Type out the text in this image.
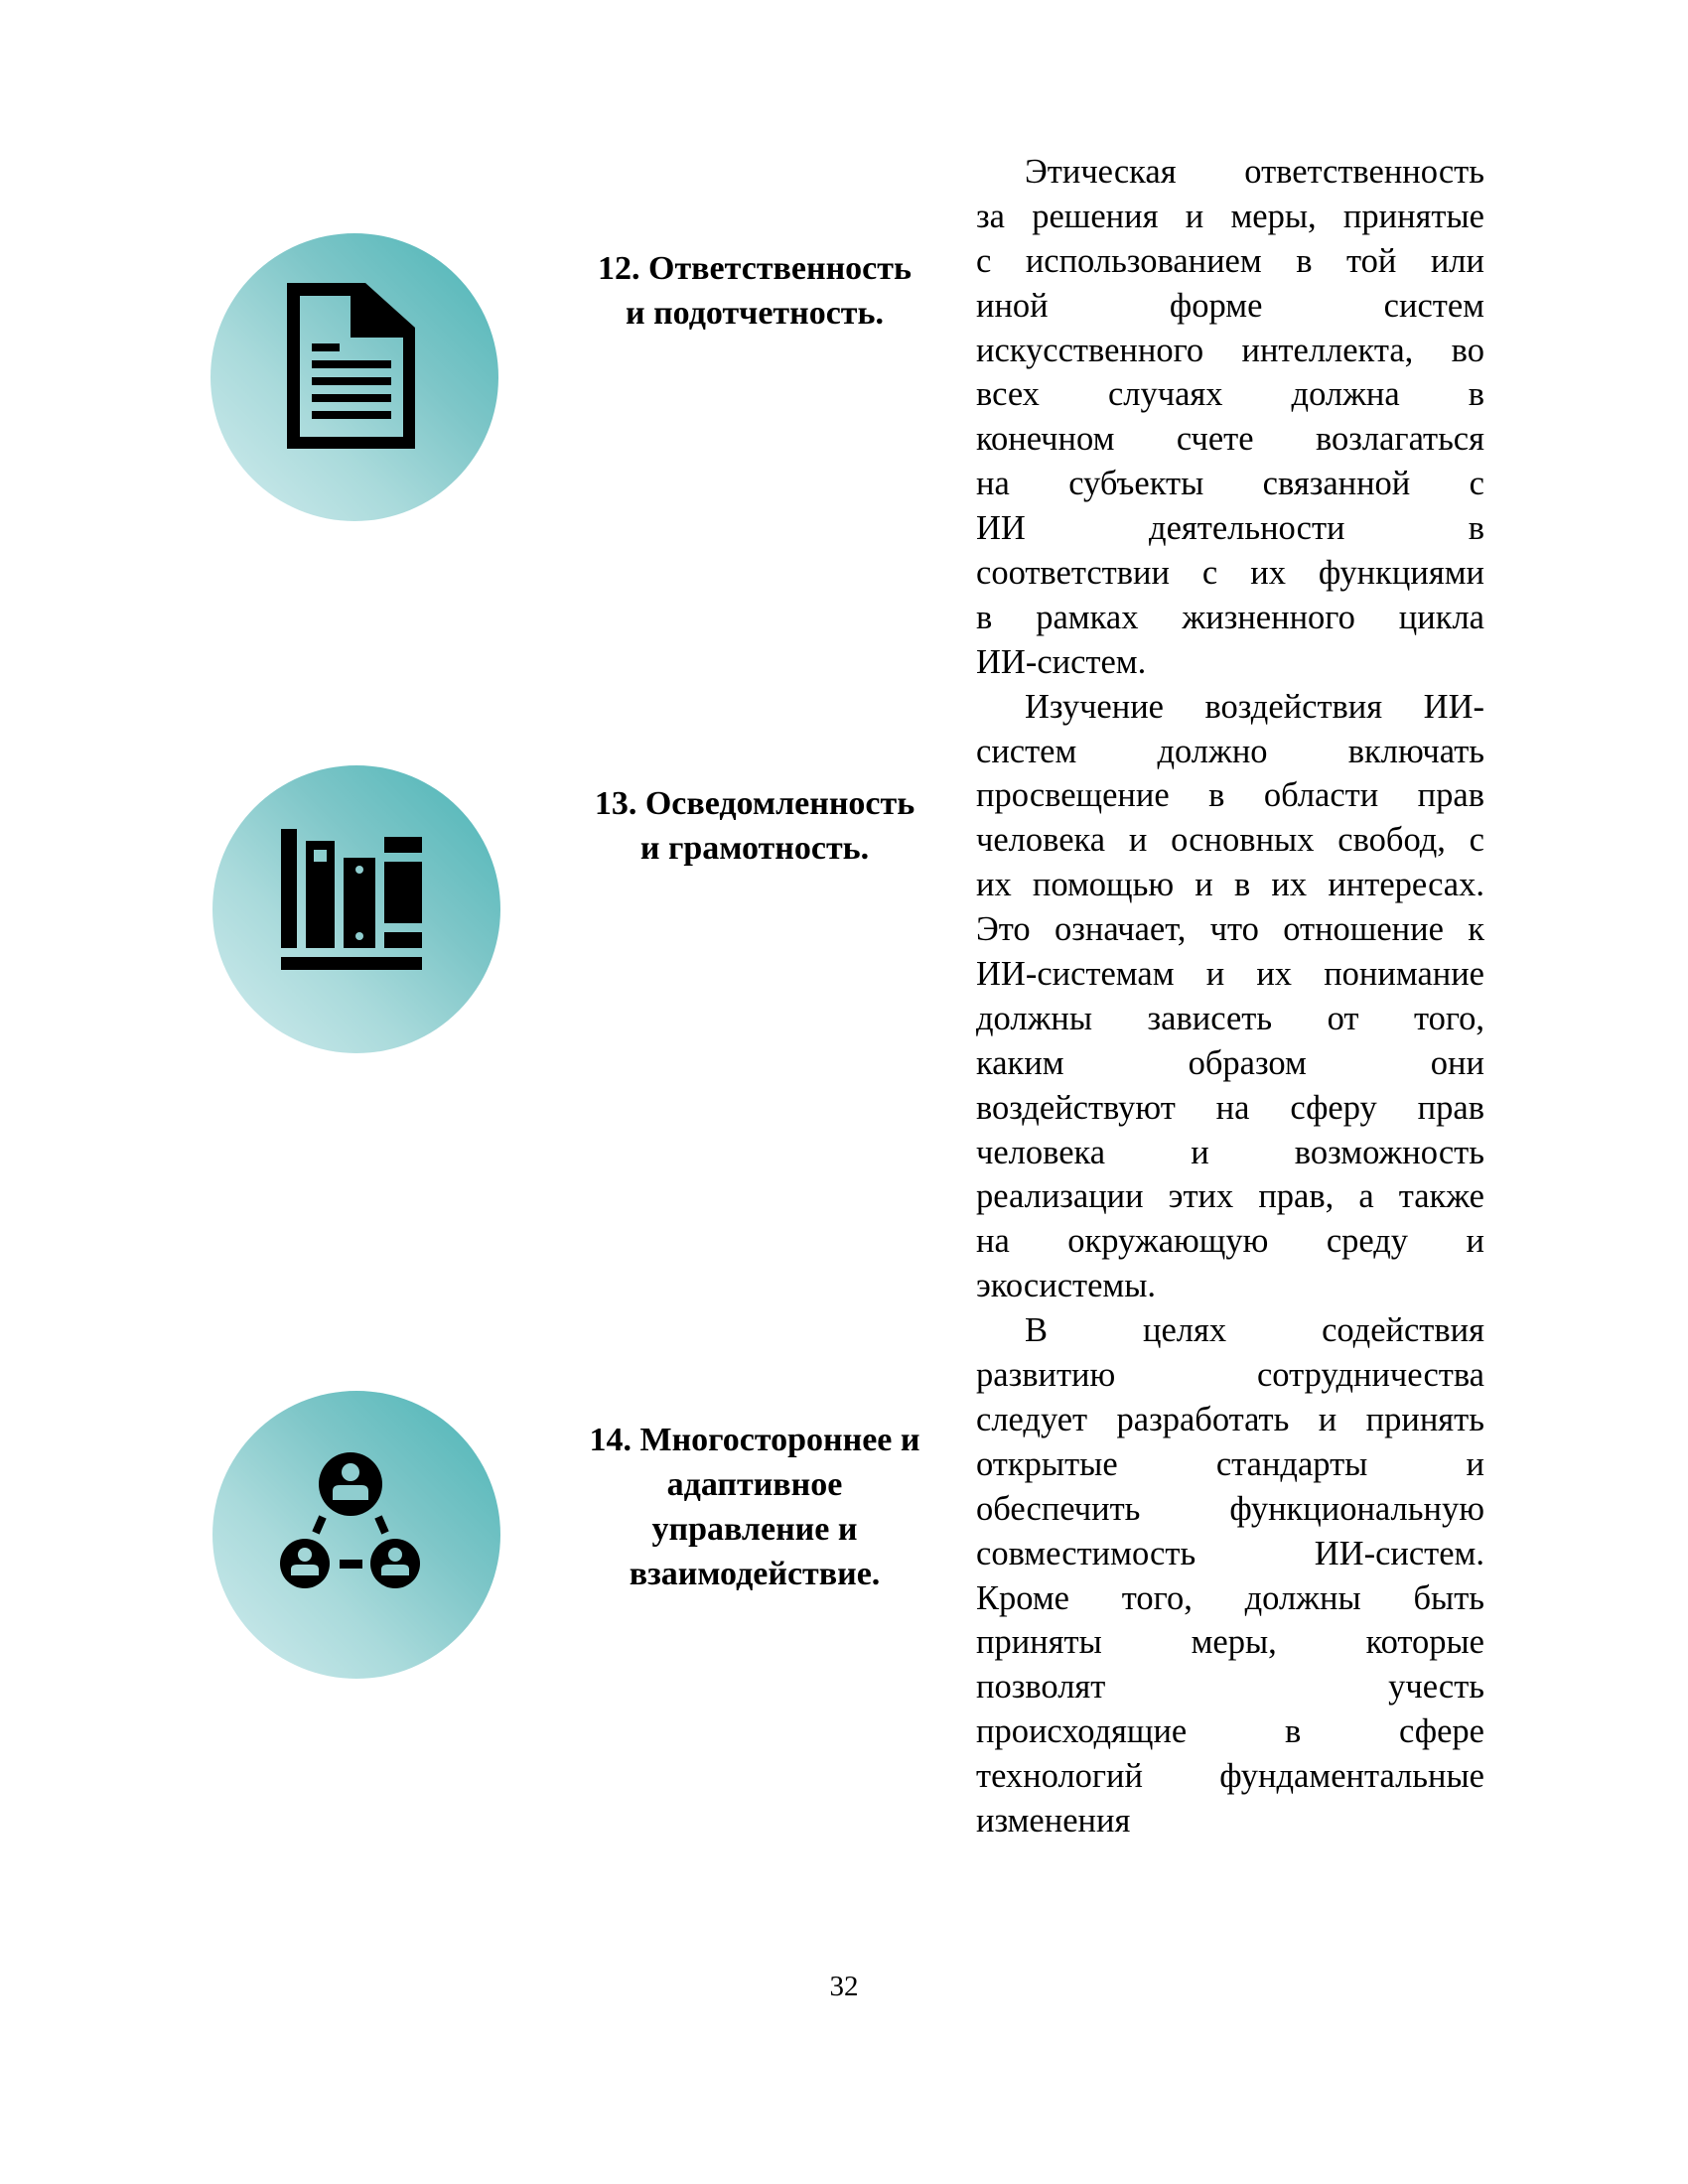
12. Ответственность
и подотчетность.
13. Осведомленность
и грамотность.
14. Многостороннее и
адаптивное
управление и
взаимодействие.
Этическая ответственность
за решения и меры, принятые
с использованием в той или
иной форме систем
искусственного интеллекта, во
всех случаях должна в
конечном счете возлагаться
на субъекты связанной с
ИИ деятельности в
соответствии с их функциями
в рамках жизненного цикла
ИИ-систем.
Изучение воздействия ИИ-
систем должно включать
просвещение в области прав
человека и основных свобод, с
их помощью и в их интересах.
Это означает, что отношение к
ИИ-системам и их понимание
должны зависеть от того,
каким образом они
воздействуют на сферу прав
человека и возможность
реализации этих прав, а также
на окружающую среду и
экосистемы.
В целях содействия
развитию сотрудничества
следует разработать и принять
открытые стандарты и
обеспечить функциональную
совместимость ИИ-систем.
Кроме того, должны быть
приняты меры, которые
позволят учесть
происходящие в сфере
технологий фундаментальные
изменения
32
